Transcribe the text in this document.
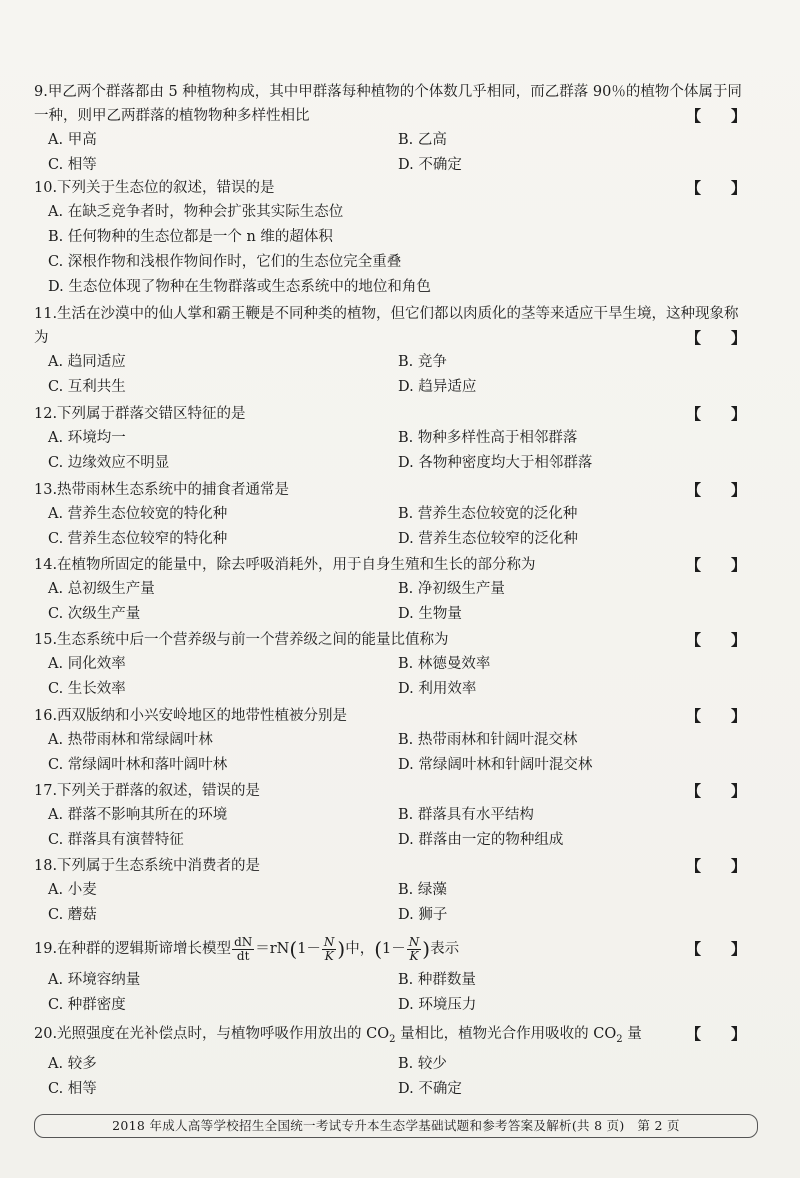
9.甲乙两个群落都由 5 种植物构成，其中甲群落每种植物的个体数几乎相同，而乙群落 90％的植物个体属于同一种，则甲乙两群落的植物物种多样性相比	【　　】
A. 甲高	B. 乙高
C. 相等	D. 不确定
10.下列关于生态位的叙述，错误的是	【　　】
A. 在缺乏竞争者时，物种会扩张其实际生态位
B. 任何物种的生态位都是一个 n 维的超体积
C. 深根作物和浅根作物间作时，它们的生态位完全重叠
D. 生态位体现了物种在生物群落或生态系统中的地位和角色
11.生活在沙漠中的仙人掌和霸王鞭是不同种类的植物，但它们都以肉质化的茎等来适应干旱生境，这种现象称为	【　　】
A. 趋同适应	B. 竞争
C. 互利共生	D. 趋异适应
12.下列属于群落交错区特征的是	【　　】
A. 环境均一	B. 物种多样性高于相邻群落
C. 边缘效应不明显	D. 各物种密度均大于相邻群落
13.热带雨林生态系统中的捕食者通常是	【　　】
A. 营养生态位较宽的特化种	B. 营养生态位较宽的泛化种
C. 营养生态位较窄的特化种	D. 营养生态位较窄的泛化种
14.在植物所固定的能量中，除去呼吸消耗外，用于自身生殖和生长的部分称为	【　　】
A. 总初级生产量	B. 净初级生产量
C. 次级生产量	D. 生物量
15.生态系统中后一个营养级与前一个营养级之间的能量比值称为	【　　】
A. 同化效率	B. 林德曼效率
C. 生长效率	D. 利用效率
16.西双版纳和小兴安岭地区的地带性植被分别是	【　　】
A. 热带雨林和常绿阔叶林	B. 热带雨林和针阔叶混交林
C. 常绿阔叶林和落叶阔叶林	D. 常绿阔叶林和针阔叶混交林
17.下列关于群落的叙述，错误的是	【　　】
A. 群落不影响其所在的环境	B. 群落具有水平结构
C. 群落具有演替特征	D. 群落由一定的物种组成
18.下列属于生态系统中消费者的是	【　　】
A. 小麦	B. 绿藻
C. 蘑菇	D. 狮子
19.在种群的逻辑斯谛增长模型 $\frac{dN}{dt} =rN(1- \frac{N}{K}$ )中，($1- \frac{N}{K}$ )表示	【　　】
A. 环境容纳量	B. 种群数量
C. 种群密度	D. 环境压力
20.光照强度在光补偿点时，与植物呼吸作用放出的 $CO_2$ 量相比，植物光合作用吸收的 $CO_2$ 量	【　　】
A. 较多	B. 较少
C. 相等	D. 不确定
2018 年成人高等学校招生全国统一考试专升本生态学基础试题和参考答案及解析(共 8 页)　第 2 页
